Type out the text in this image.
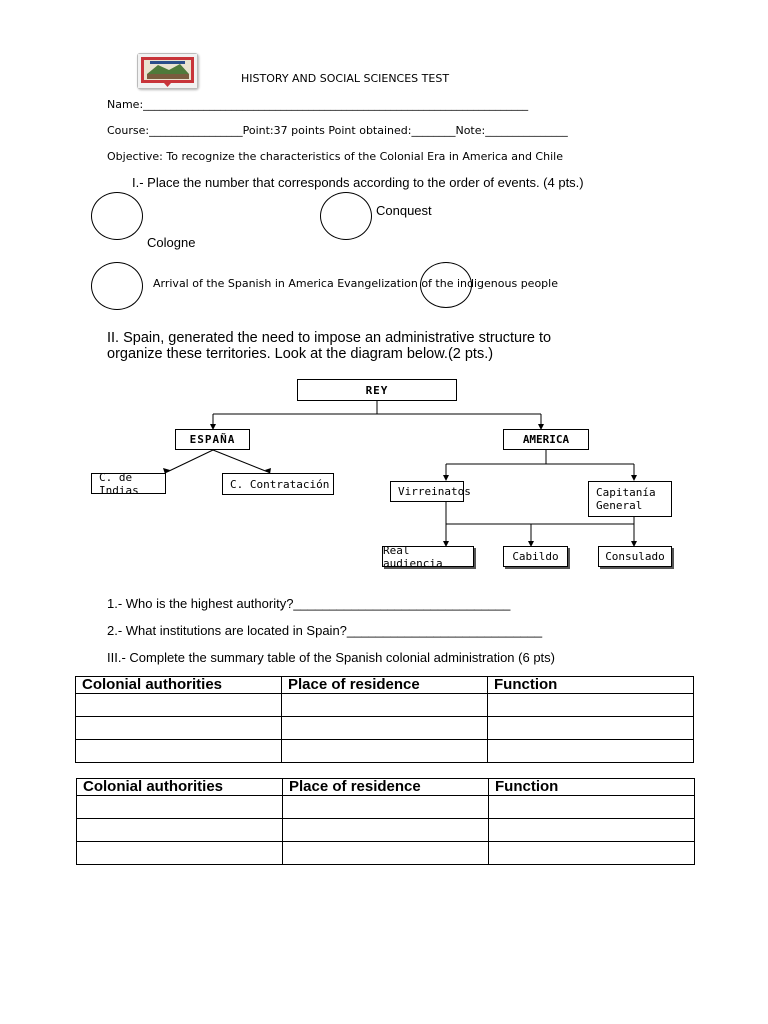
HISTORY AND SOCIAL SCIENCES TEST
Name:______________________________________________________________________
Course:_________________Point:37 points Point obtained:________Note:_______________
Objective: To recognize the characteristics of the Colonial Era in America and Chile
I.- Place the number that corresponds according to the order of events. (4 pts.)
Conquest
Cologne
Arrival of the Spanish in America Evangelization of the indigenous people
II. Spain, generated the need to impose an administrative structure to
organize these territories. Look at the diagram below.(2 pts.)
REY
ESPAÑA	AMERICA
C. de Indias	C. Contratación
Virreinatos	Capitanía
General
Real audiencia	Cabildo	Consulado
1.- Who is the highest authority?______________________________
2.- What institutions are located in Spain?___________________________
III.- Complete the summary table of the Spanish colonial administration (6 pts)
Colonial authorities	Place of residence	Function

Colonial authorities	Place of residence	Function
